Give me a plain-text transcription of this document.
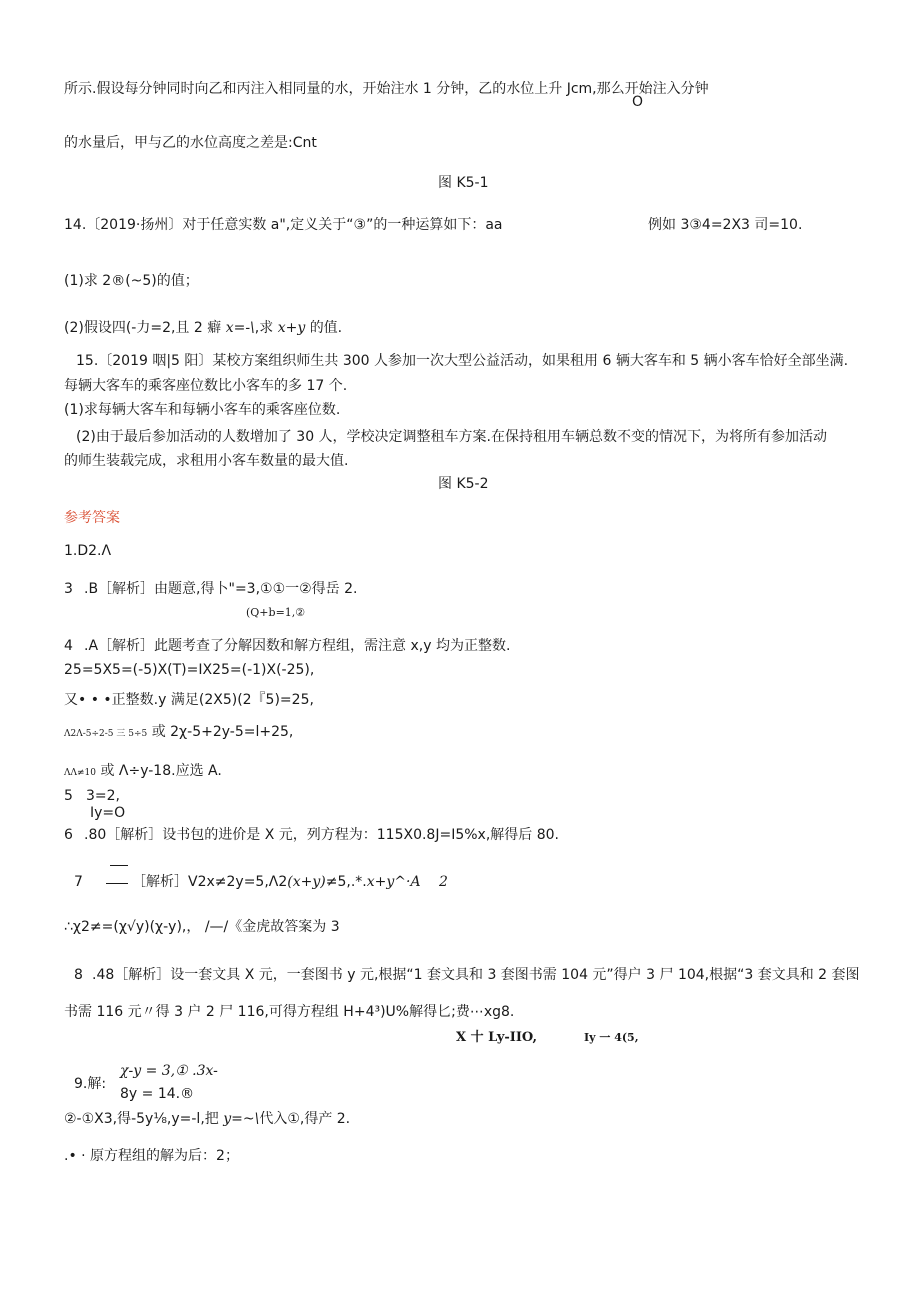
所示.假设每分钟同时向乙和丙注入相同量的水，开始注水 1 分钟，乙的水位上升 Jcm,那么开始注入分钟
O
的水量后，甲与乙的水位高度之差是:Cnt
图 K5-1
14.〔2019·扬州〕对于任意实数 a",定义关于“③”的一种运算如下：aa	例如 3③4=2X3 司=10.
(1)求 2®(~5)的值；
(2)假设四(-力=2,且 2 癖 x=-\,求 x+y 的值.
15.〔2019 咽|5 阳〕某校方案组织师生共 300 人参加一次大型公益活动，如果租用 6 辆大客车和 5 辆小客车恰好全部坐满.
每辆大客车的乘客座位数比小客车的多 17 个.
(1)求每辆大客车和每辆小客车的乘客座位数.
(2)由于最后参加活动的人数增加了 30 人，学校决定调整租车方案.在保持租用车辆总数不变的情况下，为将所有参加活动
的师生装载完成，求租用小客车数量的最大值.
图 K5-2
参考答案
1.D2.Λ
3 .B［解析］由题意,得卜"=3,①①一②得岳 2.
(Q+b=1,②
4 .A［解析］此题考查了分解因数和解方程组，需注意 x,y 均为正整数.
25=5X5=(-5)X(T)=IX25=(-1)X(-25),
又• • •正整数.y 满足(2X5)(2『5)=25,
Λ2Λ-5÷2-5 三 5÷5 或 2χ-5+2y-5=l+25,
ΛΛ≠10 或 Λ÷y-18.应选 A.
5 3=2,
Iy=O
6 .80［解析］设书包的进价是 X 元，列方程为：115X0.8J=I5%x,解得后 80.
7	［解析］V2x≠2y=5,Λ2(x+y)≠5,.*.x+y^·A 2
∴χ2≠=(χ√y)(χ-y),， /—/《金虎故答案为 3
8 .48［解析］设一套文具 X 元，一套图书 y 元,根据“1 套文具和 3 套图书需 104 元”得户 3 尸 104,根据“3 套文具和 2 套图
书需 116 元〃得 3 户 2 尸 116,可得方程组 H+4³)U%解得匕;费⋯xg8.
X 十 Ly-IIO,	Iy 一 4(5,
9.解:
χ-y = 3,① .3x-
8y = 14.®
②-①X3,得-5y⅛,y=-l,把 y=~\代入①,得产 2.
.• · 原方程组的解为后：2；
